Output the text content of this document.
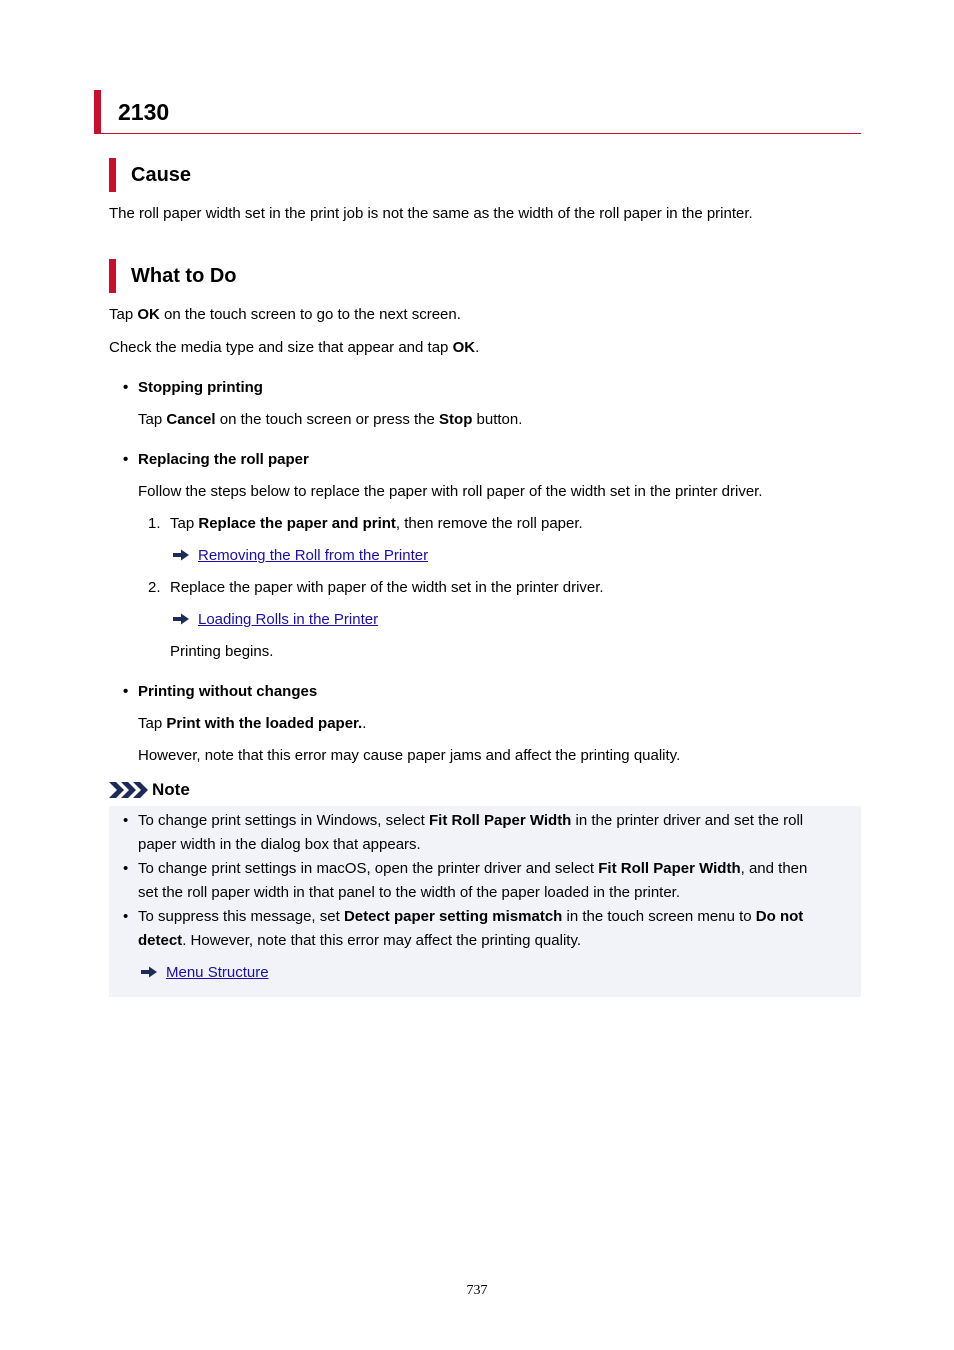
2130
Cause
The roll paper width set in the print job is not the same as the width of the roll paper in the printer.
What to Do
Tap OK on the touch screen to go to the next screen.
Check the media type and size that appear and tap OK.
• Stopping printing
Tap Cancel on the touch screen or press the Stop button.
• Replacing the roll paper
Follow the steps below to replace the paper with roll paper of the width set in the printer driver.
1. Tap Replace the paper and print, then remove the roll paper.
Removing the Roll from the Printer
2. Replace the paper with paper of the width set in the printer driver.
Loading Rolls in the Printer
Printing begins.
• Printing without changes
Tap Print with the loaded paper..
However, note that this error may cause paper jams and affect the printing quality.
Note
• To change print settings in Windows, select Fit Roll Paper Width in the printer driver and set the roll
paper width in the dialog box that appears.
• To change print settings in macOS, open the printer driver and select Fit Roll Paper Width, and then
set the roll paper width in that panel to the width of the paper loaded in the printer.
• To suppress this message, set Detect paper setting mismatch in the touch screen menu to Do not
detect. However, note that this error may affect the printing quality.
Menu Structure
737
